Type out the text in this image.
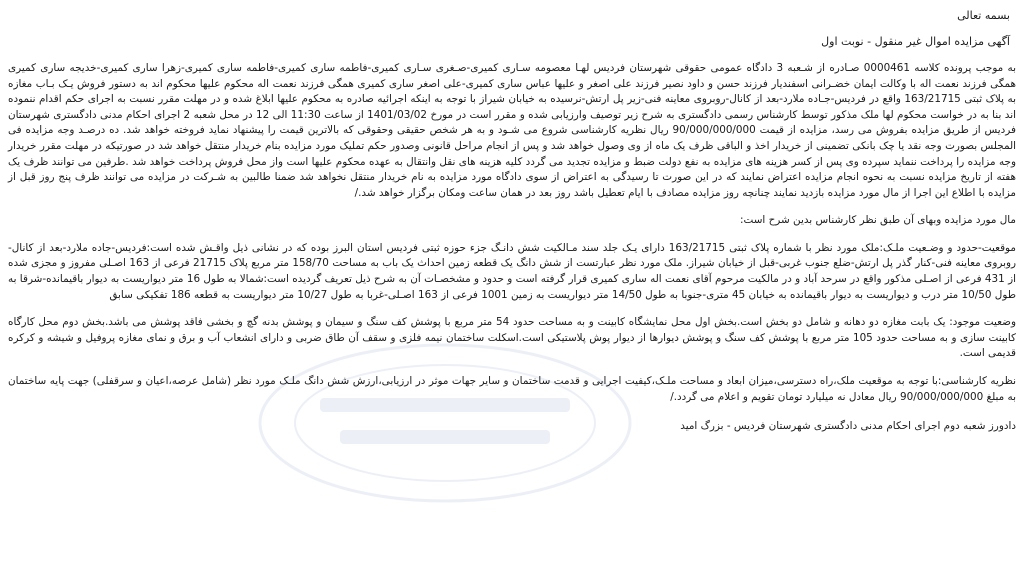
بسمه تعالی

آگهی مزایده اموال غیر منقول - نوبت اول

به موجب پرونده کلاسه 0000461 صـادره از شـعبه 3 دادگاه عمومی حقوقی شهرستان فردیس لهـا معصومه سـاری کمیری-صـغری سـاری کمیری-فاطمه ساری کمیری-فاطمه ساری کمیری-زهرا ساری کمیری-خدیجه ساری کمیری همگی فرزند نعمت اله با وکالت ایمان خضـرانی اسفندیار فرزند حسن و داود نصیر فرزند علی اصغر و علیها عباس ساری کمیری-علی اصغر ساری کمیری همگی فرزند نعمت اله محکوم علیها محکوم اند به دستور فروش یـک بـاب مغازه به پلاک ثبتی 163/21715 واقع در فردیس-جـاده ملارد-بعد از کانال-روبروی معاینه فنی-زیر پل ارتش-نرسیده به خیابان شیراز با توجه به اینکه اجرائیه صادره به محکوم علیها ابلاغ شده و در مهلت مقرر نسبت به اجرای حکم اقدام ننموده اند بنا به در خواست محکوم لها ملک مذکور توسط کارشناس رسمی دادگستری به شرح زیر توصیف وارزیابی شده و مقرر است در مورخ 1401/03/02 از ساعت 11:30 الی 12 در محل شعبه 2 اجرای احکام مدنی دادگستری شهرستان فردیس از طریق مزایده بفروش می رسد، مزایده از قیمت 90/000/000/000 ریال نظریه کارشناسی شروع می شـود و به هر شخص حقیقی وحقوقی که بالاترین قیمت را پیشنهاد نماید فروخته خواهد شد. ده درصـد وجه مزایده فی المجلس بصورت وجه نقد یا چک بانکی تضمینی از خریدار اخذ و الباقی ظرف یک ماه از وی وصول خواهد شد و پس از انجام مراحل قانونی وصدور حکم تملیک مورد مزایده بنام خریدار منتقل خواهد شد در صورتیکه در مهلت مقرر خریدار وجه مزایده را پرداخت ننماید سپرده وی پس از کسر هزینه های مزایده به نفع دولت ضبط و مزایده تجدید می گردد کلیه هزینه های نقل وانتقال به عهده محکوم علیها است واز محل فروش پرداخت خواهد شد .طرفین می توانند ظرف یک هفته از تاریخ مزایده نسبت به نحوه انجام مزایده اعتراض نمایند که در این صورت تا رسیدگی به اعتراض از سوی دادگاه مورد مزایده به نام خریدار منتقل نخواهد شد ضمنا طالبین به شـرکت در مزایده می توانند ظرف پنج روز قبل از مزایده با اطلاع این اجرا از مال مورد مزایده بازدید نمایند چنانچه روز مزایده مصادف با ایام تعطیل باشد روز بعد در همان ساعت ومکان برگزار خواهد شد./

مال مورد مزایده وبهای آن طبق نظر کارشناس بدین شرح است:

موقعیت-حدود و وضـعیت ملـک:ملک مورد نظر با شماره پلاک ثبتی 163/21715 دارای یـک جلد سند مـالکیت شش دانـگ جزء حوزه ثبتی فردیس استان البرز بوده که در نشانی ذیل واقـش شده است:فردیس-جاده ملارد-بعد از کانال-روبروی معاینه فنی-کنار گذر پل ارتش-ضلع جنوب غربی-قبل از خیابان شیراز. ملک مورد نظر عبارتست از شش دانگ یک قطعه زمین احداث یک باب به مساحت 158/70 متر مربع پلاک 21715 فرعی از 163 اصـلی مفروز و مجزی شده از 431 فرعی از اصـلی مذکور واقع در سرحد آباد و در مالکیت مرحوم آقای نعمت اله ساری کمیری قرار گرفته است و حدود و مشخصـات آن به شرح ذیل تعریف گردیده است:شمالا به طول 16 متر دیواریست به دیوار باقیمانده-شرقا به طول 10/50 متر درب و دیواریست به دیوار باقیمانده به خیابان 45 متری-جنوبا به طول 14/50 متر دیواریست به زمین 1001 فرعی از 163 اصـلی-غربا به طول 10/27 متر دیواریست به قطعه 186 تفکیکی سابق

وضعیت موجود: یک بابت مغازه دو دهانه و شامل دو بخش است.بخش اول محل نمایشگاه کابینت و به مساحت حدود 54 متر مربع با پوشش کف سنگ و سیمان و پوشش بدنه گچ و بخشی فاقد پوشش می باشد.بخش دوم محل کارگاه کابینت سازی و به مساحت حدود 105 متر مربع با پوشش کف سنگ و پوشش دیوارها از دیوار پوش پلاستیکی است.اسکلت ساختمان نیمه فلزی و سقف آن طاق ضربی و دارای انشعاب آب و برق و نمای مغازه پروفیل و شیشه و کرکره قدیمی است.

نظریه کارشناسی:با توجه به موقعیت ملک،راه دسترسی،میزان ابعاد و مساحت ملـک،کیفیت اجرایی و قدمت ساختمان و سایر جهات موثر در ارزیابی،ارزش شش دانگ ملـک مورد نظر (شامل عرصه،اعیان و سرقفلی) جهت پایه ساختمان به مبلغ 90/000/000/000 ریال معادل نه میلیارد تومان تقویم و اعلام می گردد./

دادورز شعبه دوم اجرای احکام مدنی دادگستری شهرستان فردیس - بزرگ امید
